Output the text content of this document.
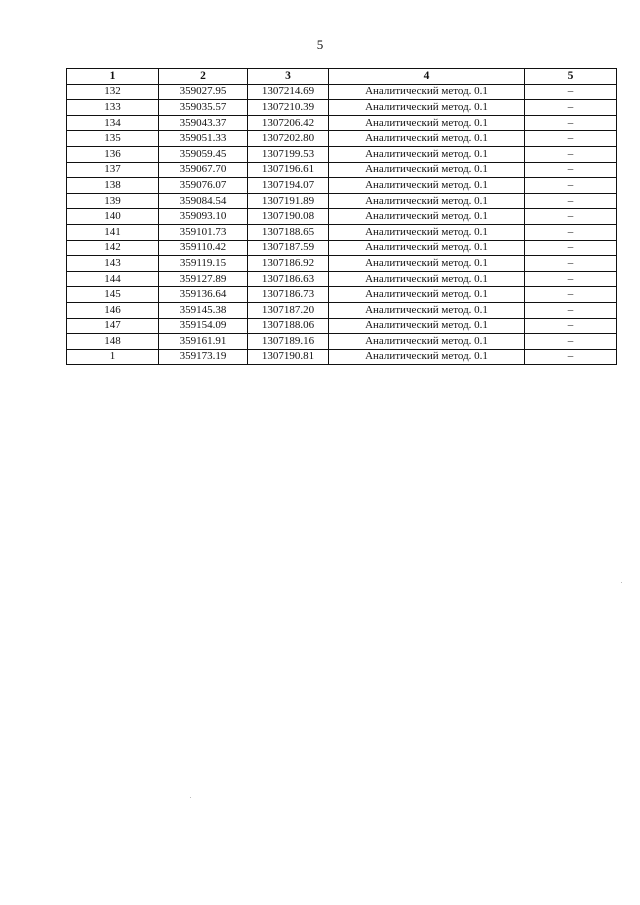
5
1	2	3	4	5
132	359027.95	1307214.69	Аналитический метод. 0.1	–
133	359035.57	1307210.39	Аналитический метод. 0.1	–
134	359043.37	1307206.42	Аналитический метод. 0.1	–
135	359051.33	1307202.80	Аналитический метод. 0.1	–
136	359059.45	1307199.53	Аналитический метод. 0.1	–
137	359067.70	1307196.61	Аналитический метод. 0.1	–
138	359076.07	1307194.07	Аналитический метод. 0.1	–
139	359084.54	1307191.89	Аналитический метод. 0.1	–
140	359093.10	1307190.08	Аналитический метод. 0.1	–
141	359101.73	1307188.65	Аналитический метод. 0.1	–
142	359110.42	1307187.59	Аналитический метод. 0.1	–
143	359119.15	1307186.92	Аналитический метод. 0.1	–
144	359127.89	1307186.63	Аналитический метод. 0.1	–
145	359136.64	1307186.73	Аналитический метод. 0.1	–
146	359145.38	1307187.20	Аналитический метод. 0.1	–
147	359154.09	1307188.06	Аналитический метод. 0.1	–
148	359161.91	1307189.16	Аналитический метод. 0.1	–
1	359173.19	1307190.81	Аналитический метод. 0.1	–
